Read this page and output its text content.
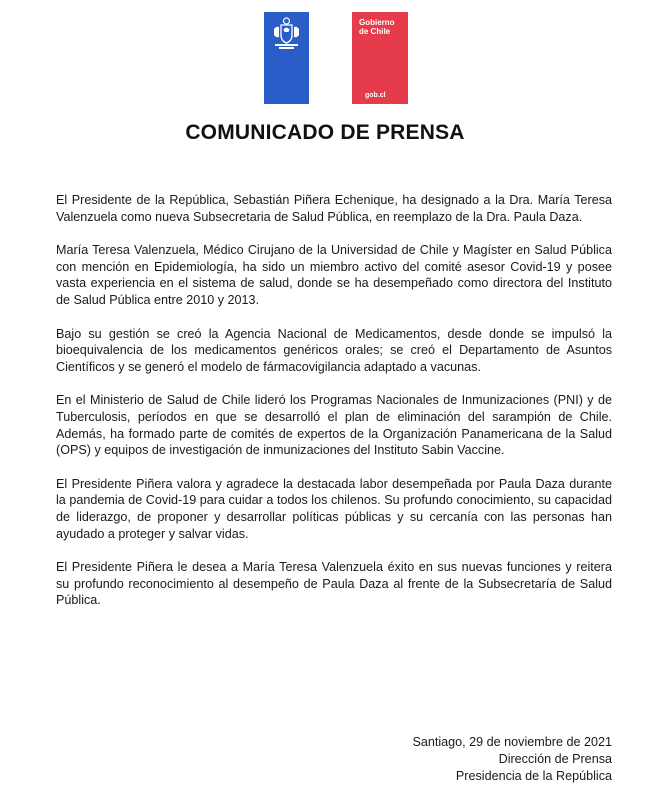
Gobierno
de Chile
gob.cl
COMUNICADO DE PRENSA

El Presidente de la República, Sebastián Piñera Echenique, ha designado a la Dra. María Teresa Valenzuela como nueva Subsecretaria de Salud Pública, en reemplazo de la Dra. Paula Daza.

María Teresa Valenzuela, Médico Cirujano de la Universidad de Chile y Magíster en Salud Pública con mención en Epidemiología, ha sido un miembro activo del comité asesor Covid-19 y posee vasta experiencia en el sistema de salud, donde se ha desempeñado como directora del Instituto de Salud Pública entre 2010 y 2013.

Bajo su gestión se creó la Agencia Nacional de Medicamentos, desde donde se impulsó la bioequivalencia de los medicamentos genéricos orales; se creó el Departamento de Asuntos Científicos y se generó el modelo de fármacovigilancia adaptado a vacunas.

En el Ministerio de Salud de Chile lideró los Programas Nacionales de Inmunizaciones (PNI) y de Tuberculosis, períodos en que se desarrolló el plan de eliminación del sarampión de Chile. Además, ha formado parte de comités de expertos de la Organización Panamericana de la Salud (OPS) y equipos de investigación de inmunizaciones del Instituto Sabin Vaccine.

El Presidente Piñera valora y agradece la destacada labor desempeñada por Paula Daza durante la pandemia de Covid-19 para cuidar a todos los chilenos. Su profundo conocimiento, su capacidad de liderazgo, de proponer y desarrollar políticas públicas y su cercanía con las personas han ayudado a proteger y salvar vidas.

El Presidente Piñera le desea a María Teresa Valenzuela éxito en sus nuevas funciones y reitera su profundo reconocimiento al desempeño de Paula Daza al frente de la Subsecretaría de Salud Pública.

Santiago, 29 de noviembre de 2021
Dirección de Prensa
Presidencia de la República
